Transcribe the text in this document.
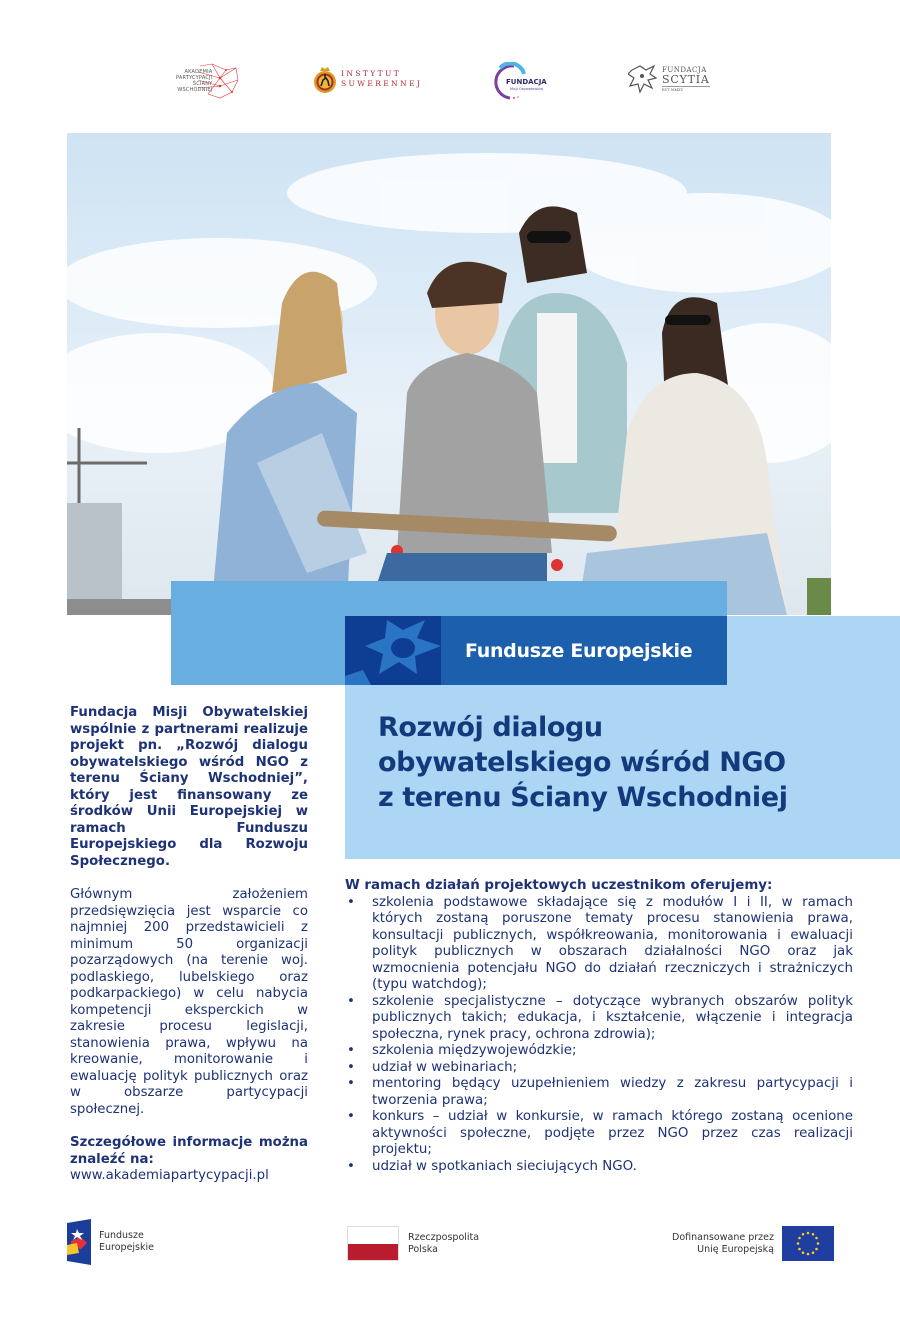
AKADEMIA
PARTYCYPACJI
ŚCIANY
WSCHODNIEJ
INSTYTUT
SUWERENNEJ	FUNDACJA
Misji Obywatelskiej
FUNDACJA
SCYTIA
EST. MMXV
Fundusze Europejskie
Rozwój dialogu
obywatelskiego wśród NGO
z terenu Ściany Wschodniej

Fundacja Misji Obywatelskiej wspólnie z partnerami realizuje projekt pn. „Rozwój dialogu obywatelskiego wśród NGO z terenu Ściany Wschodniej”, który jest finansowany ze środków Unii Europejskiej w ramach Funduszu Europejskiego dla Rozwoju Społecznego.

Głównym założeniem przedsięwzięcia jest wsparcie co najmniej 200 przedstawicieli z minimum 50 organizacji pozarządowych (na terenie woj. podlaskiego, lubelskiego oraz podkarpackiego) w celu nabycia kompetencji eksperckich w zakresie procesu legislacji, stanowienia prawa, wpływu na kreowanie, monitorowanie i ewaluację polityk publicznych oraz w obszarze partycypacji społecznej.

Szczegółowe informacje można znaleźć na:

www.akademiapartycypacji.pl

W ramach działań projektowych uczestnikom oferujemy:
• szkolenia podstawowe składające się z modułów I i II, w ramach których zostaną poruszone tematy procesu stanowienia prawa, konsultacji publicznych, współkreowania, monitorowania i ewaluacji polityk publicznych w obszarach działalności NGO oraz jak wzmocnienia potencjału NGO do działań rzeczniczych i strażniczych (typu watchdog);
• szkolenie specjalistyczne – dotyczące wybranych obszarów polityk publicznych takich; edukacja, i kształcenie, włączenie i integracja społeczna, rynek pracy, ochrona zdrowia);
• szkolenia międzywojewódzkie;
• udział w webinariach;
• mentoring będący uzupełnieniem wiedzy z zakresu partycypacji i tworzenia prawa;
• konkurs – udział w konkursie, w ramach którego zostaną ocenione aktywności społeczne, podjęte przez NGO przez czas realizacji projektu;
• udział w spotkaniach sieciujących NGO.
Fundusze
Europejskie
Rzeczpospolita
Polska
Dofinansowane przez
Unię Europejską
